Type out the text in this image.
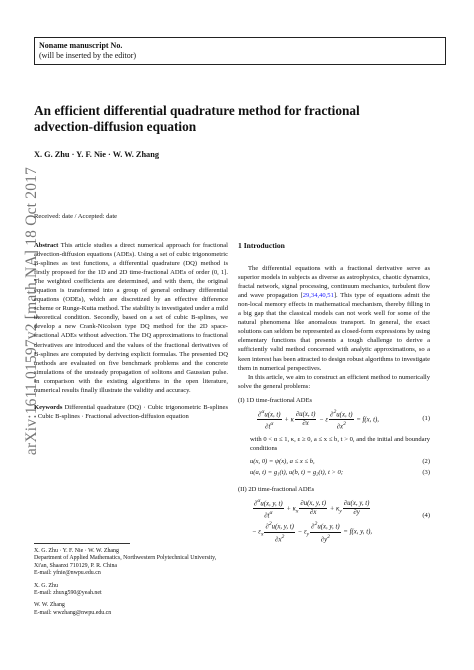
arXiv:1611.01597v2 [math.NA] 18 Oct 2017
Noname manuscript No.
(will be inserted by the editor)
An efficient differential quadrature method for fractional
advection-diffusion equation
X. G. Zhu · Y. F. Nie · W. W. Zhang
Received: date / Accepted: date
Abstract This article studies a direct numerical approach for fractional advection-diffusion equations (ADEs). Using a set of cubic trigonometric B-splines as test functions, a differential quadrature (DQ) method is firstly proposed for the 1D and 2D time-fractional ADEs of order (0, 1]. The weighted coefficients are determined, and with them, the original equation is transformed into a group of general ordinary differential equations (ODEs), which are discretized by an effective difference scheme or Runge-Kutta method. The stability is investigated under a mild theoretical condition. Secondly, based on a set of cubic B-splines, we develop a new Crank-Nicolson type DQ method for the 2D space-fractional ADEs without advection. The DQ approximations to fractional derivatives are introduced and the values of the fractional derivatives of B-splines are computed by deriving explicit formulas. The presented DQ methods are evaluated on five benchmark problems and the concrete simulations of the unsteady propagation of solitons and Gaussian pulse. In comparison with the existing algorithms in the open literature, numerical results finally illustrate the validity and accuracy.
Keywords Differential quadrature (DQ) · Cubic trigonometric B-splines · Cubic B-splines · Fractional advection-diffusion equation
X. G. Zhu · Y. F. Nie · W. W. Zhang
Department of Applied Mathematics, Northwestern Polytechnical University, Xi'an, Shaanxi 710129, P. R. China
E-mail: yfnie@nwpu.edu.cn
X. G. Zhu
E-mail: zhuxg590@yeah.net
W. W. Zhang
E-mail: wwzhang@nwpu.edu.cn
1 Introduction
The differential equations with a fractional derivative serve as superior models in subjects as diverse as astrophysics, chaotic dynamics, fractal network, signal processing, continuum mechanics, turbulent flow and wave propagation [29,34,40,51]. This type of equations admit the non-local memory effects in mathematical mechanism, thereby filling in a big gap that the classical models can not work well for some of the natural phenomena like anomalous transport. In general, the exact solutions can seldom be represented as closed-form expressions by using elementary functions that presents a tough challenge to derive a sufficiently valid method concerned with analytic approximations, so a keen interest has been attracted to design robust algorithms to investigate them in numerical perspectives.
In this article, we aim to construct an efficient method to numerically solve the general problems:
(I) 1D time-fractional ADEs
$\frac{\partial^\alpha u(x, t)}{\partial t^\alpha} + \kappa \frac{\partial u(x, t)}{\partial x} - \varepsilon \frac{\partial^2u(x, t)}{\partial x^2} = f(x$, t),	(1)
with 0 < α ≤ 1, κ, ε ≥ 0, a ≤ x ≤ b, t > 0, and the initial and boundary conditions
u(x, 0) = ψ(x), a ≤ x ≤ b,	(2)
u(a, t) = g₁(t), u(b, t) = g₂(t), t > 0;	(3)
(II) 2D time-fractional ADEs
$\frac{\partial^\alpha u(x, y, t)}{\partial t^\alpha} + \kappa_x \frac{\partial u(x, y, t)}{\partial x} + \kappa_y \frac{\partial u(x, y, t)}{\partial y}$
− $\varepsilon_x \frac{\partial^2u(x, y, t)}{\partial x^2} - \varepsilon_y \frac{\partial^2u(x, y, t)}{\partial y^2} = f(x$, y, t),
(4)
